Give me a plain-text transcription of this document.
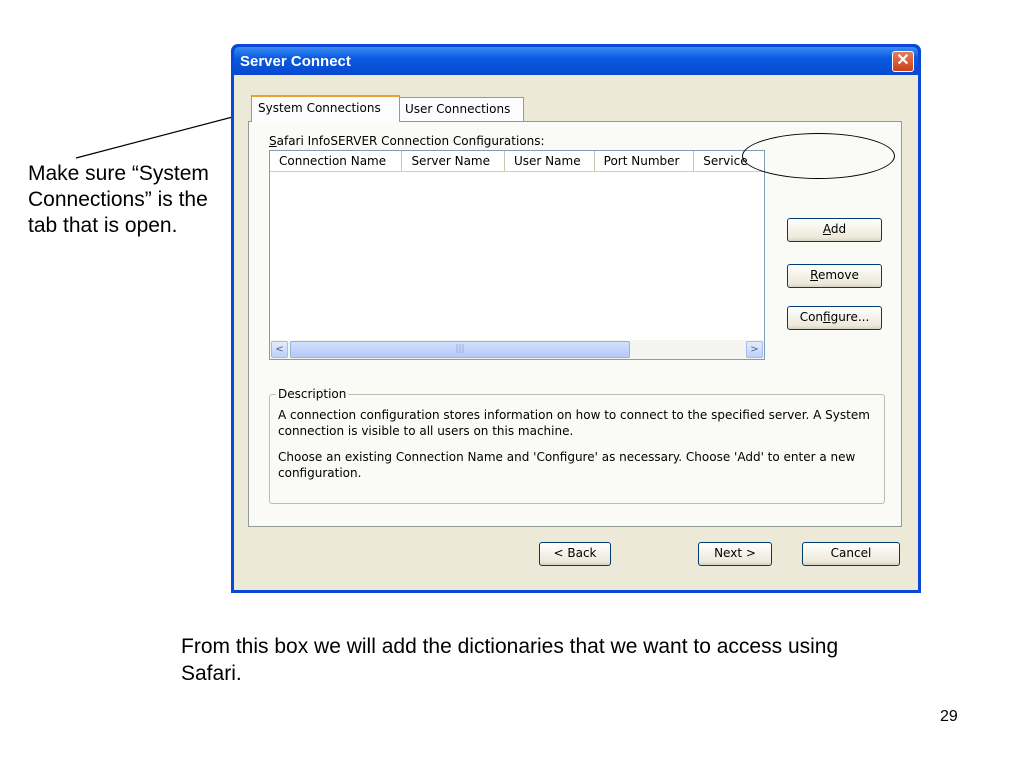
Make sure “System Connections” is the tab that is open.
Server Connect	✕
System Connections	User Connections
Safari InfoSERVER Connection Configurations:
Connection Name	Server Name	User Name	Port Number	Service
<	|||	>
Add
Remove
Configure...
Description

A connection configuration stores information on how to connect to the specified server. A System connection is visible to all users on this machine.

Choose an existing Connection Name and 'Configure' as necessary. Choose 'Add' to enter a new configuration.

< Back	Next >	Cancel
From this box we will add the dictionaries that we want to access using Safari.
29
